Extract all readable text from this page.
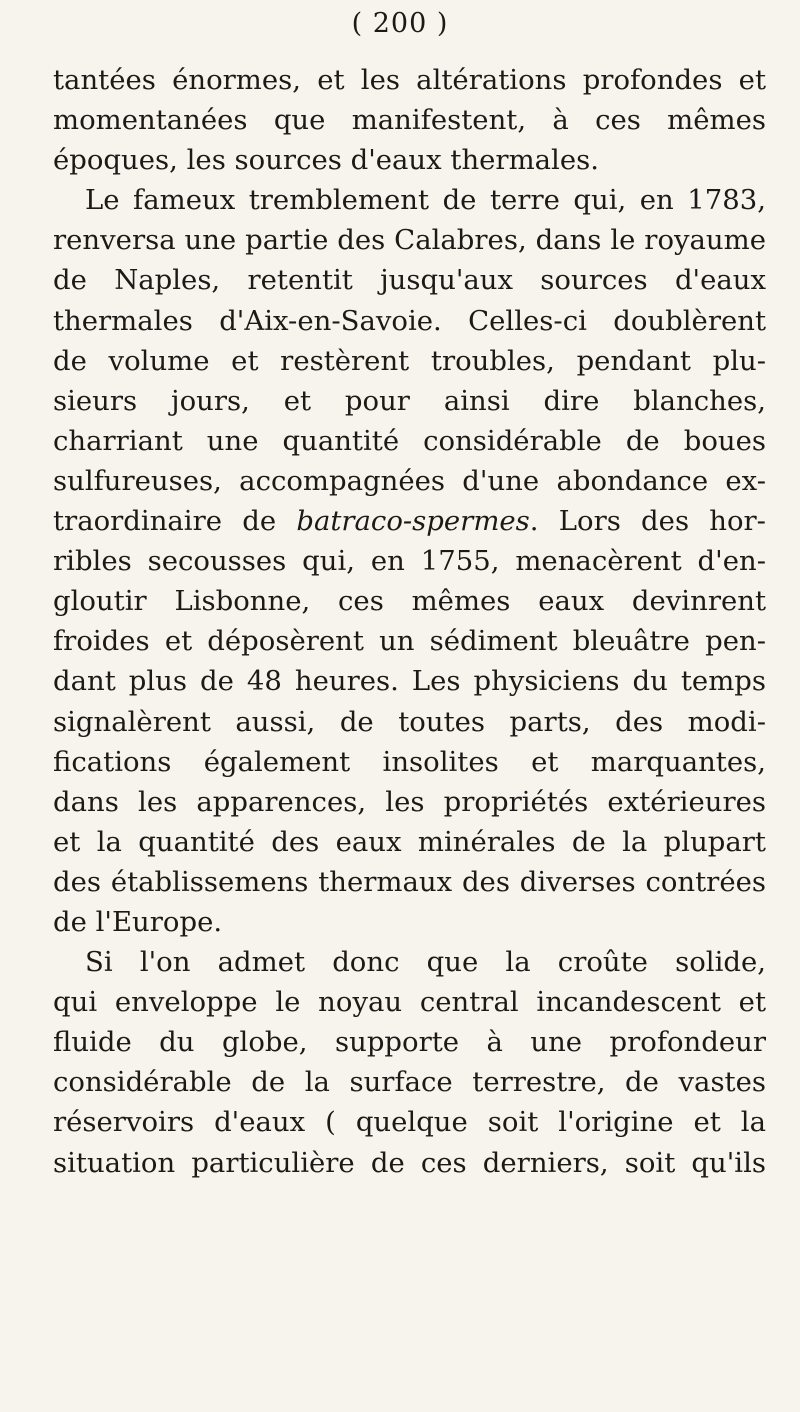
( 200 )
tantées énormes, et les altérations profondes et
momentanées que manifestent, à ces mêmes
époques, les sources d'eaux thermales.
Le fameux tremblement de terre qui, en 1783,
renversa une partie des Calabres, dans le royaume
de Naples, retentit jusqu'aux sources d'eaux
thermales d'Aix-en-Savoie. Celles-ci doublèrent
de volume et restèrent troubles, pendant plu-
sieurs jours, et pour ainsi dire blanches,
charriant une quantité considérable de boues
sulfureuses, accompagnées d'une abondance ex-
traordinaire de batraco-spermes. Lors des hor-
ribles secousses qui, en 1755, menacèrent d'en-
gloutir Lisbonne, ces mêmes eaux devinrent
froides et déposèrent un sédiment bleuâtre pen-
dant plus de 48 heures. Les physiciens du temps
signalèrent aussi, de toutes parts, des modi-
fications également insolites et marquantes,
dans les apparences, les propriétés extérieures
et la quantité des eaux minérales de la plupart
des établissemens thermaux des diverses contrées
de l'Europe.
Si l'on admet donc que la croûte solide,
qui enveloppe le noyau central incandescent et
fluide du globe, supporte à une profondeur
considérable de la surface terrestre, de vastes
réservoirs d'eaux ( quelque soit l'origine et la
situation particulière de ces derniers, soit qu'ils
